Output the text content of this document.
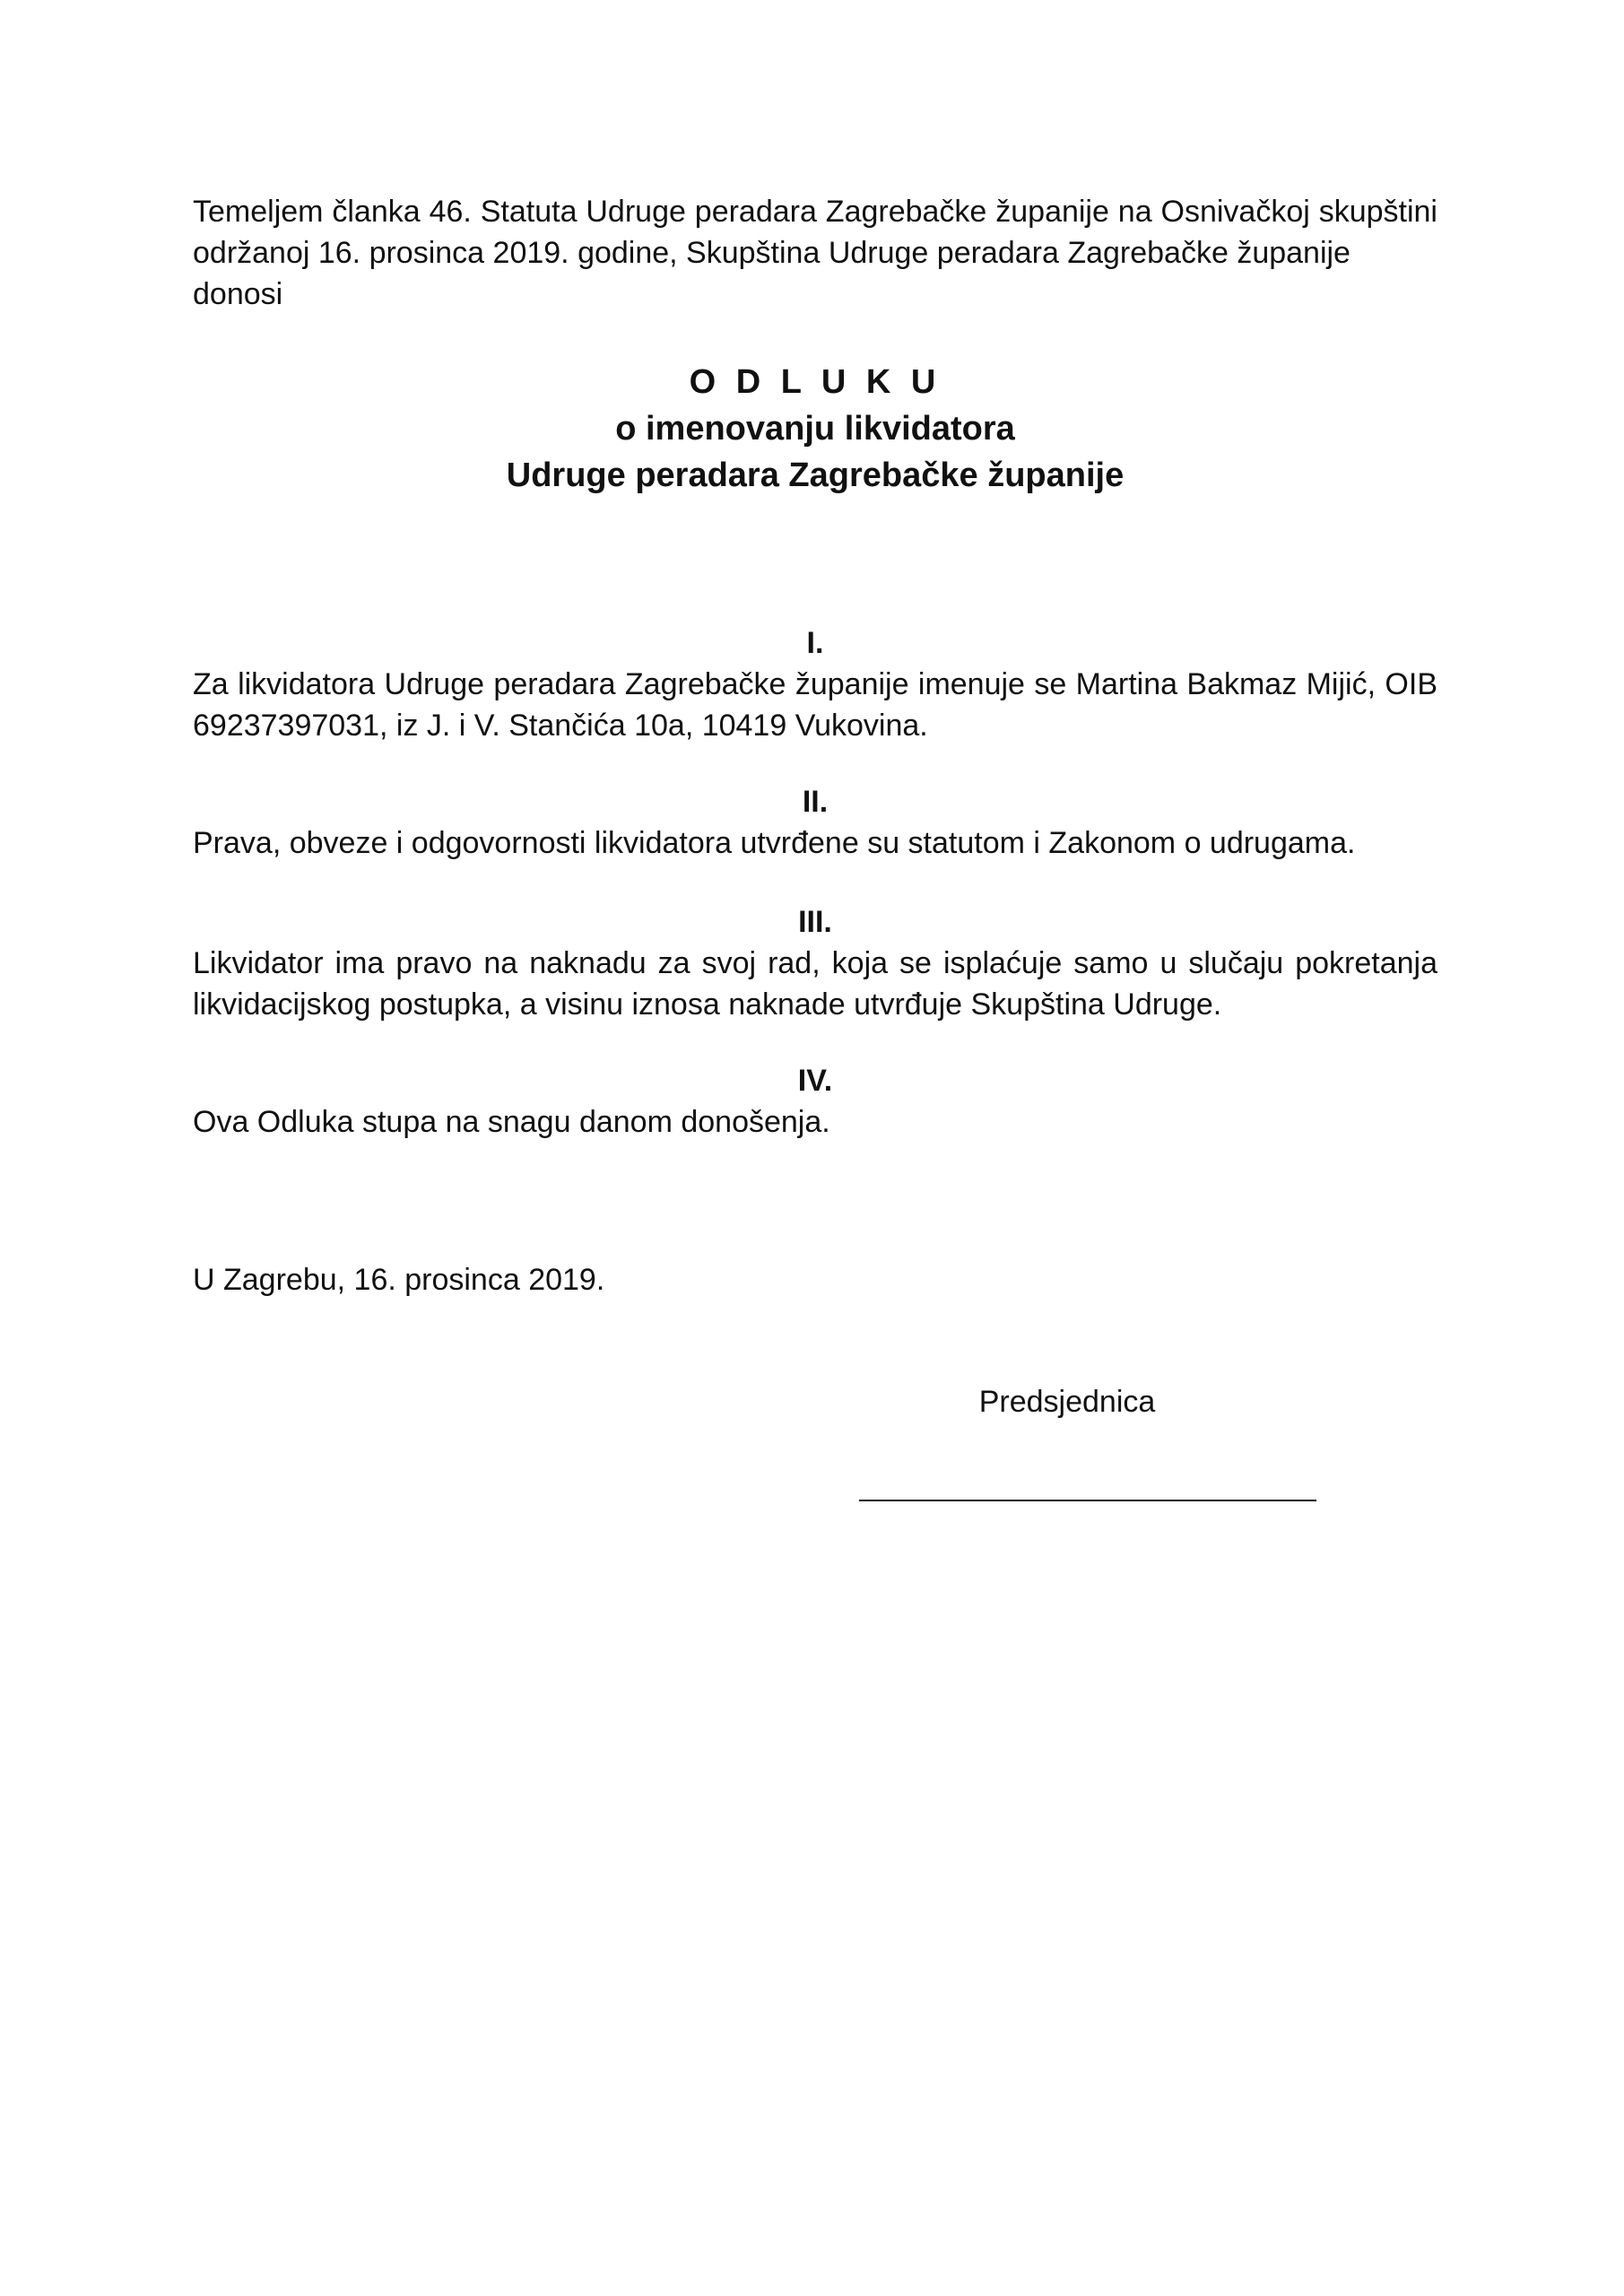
Temeljem članka 46. Statuta Udruge peradara Zagrebačke županije na Osnivačkoj skupštini
održanoj 16. prosinca 2019. godine, Skupština Udruge peradara Zagrebačke županije donosi
O D L U K U
o imenovanju likvidatora
Udruge peradara Zagrebačke županije
I.
Za likvidatora Udruge peradara Zagrebačke županije imenuje se Martina Bakmaz Mijić, OIB
69237397031, iz J. i V. Stančića 10a, 10419 Vukovina.
II.
Prava, obveze i odgovornosti likvidatora utvrđene su statutom i Zakonom o udrugama.
III.
Likvidator ima pravo na naknadu za svoj rad, koja se isplaćuje samo u slučaju pokretanja
likvidacijskog postupka, a visinu iznosa naknade utvrđuje Skupština Udruge.
IV.
Ova Odluka stupa na snagu danom donošenja.
U Zagrebu, 16. prosinca 2019.
Predsjednica
